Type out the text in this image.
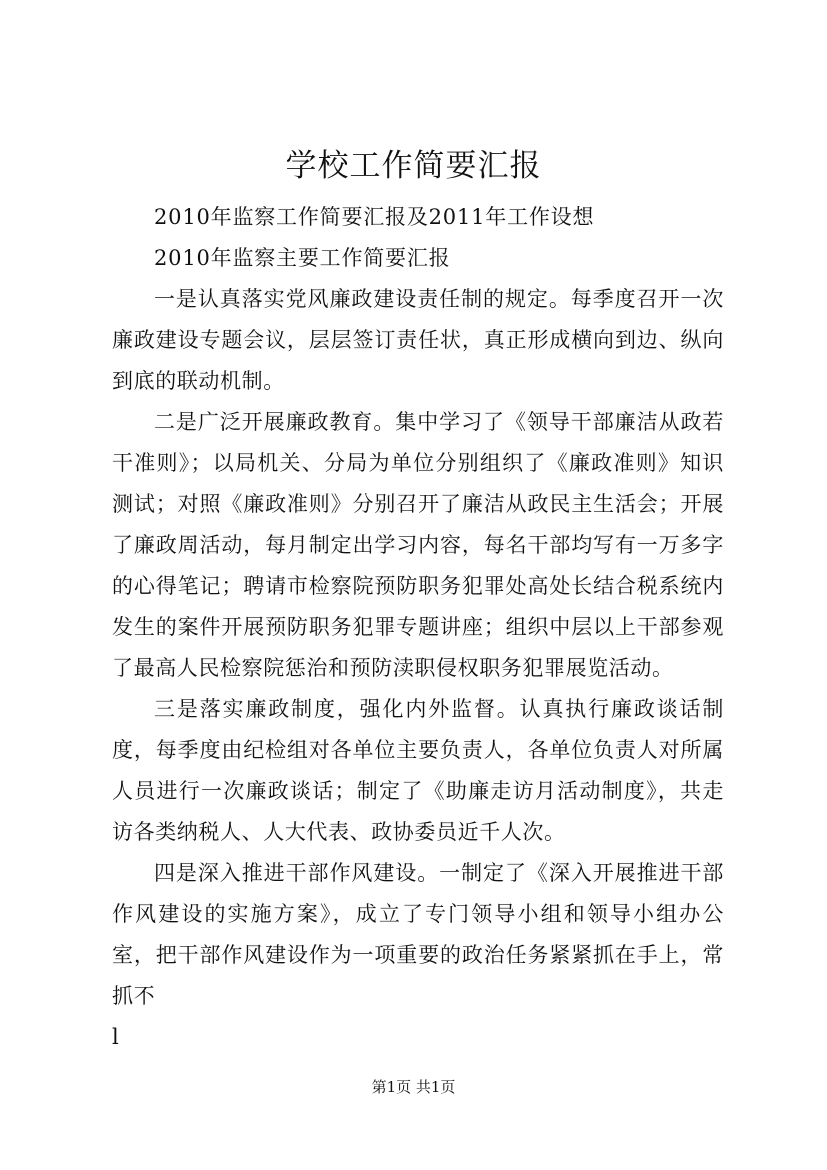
学校工作简要汇报

2010年监察工作简要汇报及2011年工作设想

2010年监察主要工作简要汇报

一是认真落实党风廉政建设责任制的规定。每季度召开一次廉政建设专题会议，层层签订责任状，真正形成横向到边、纵向到底的联动机制。

二是广泛开展廉政教育。集中学习了《领导干部廉洁从政若干准则》；以局机关、分局为单位分别组织了《廉政准则》知识测试；对照《廉政准则》分别召开了廉洁从政民主生活会；开展了廉政周活动，每月制定出学习内容，每名干部均写有一万多字的心得笔记；聘请市检察院预防职务犯罪处高处长结合税系统内发生的案件开展预防职务犯罪专题讲座；组织中层以上干部参观了最高人民检察院惩治和预防渎职侵权职务犯罪展览活动。

三是落实廉政制度，强化内外监督。认真执行廉政谈话制度，每季度由纪检组对各单位主要负责人，各单位负责人对所属人员进行一次廉政谈话；制定了《助廉走访月活动制度》，共走访各类纳税人、人大代表、政协委员近千人次。

四是深入推进干部作风建设。一制定了《深入开展推进干部作风建设的实施方案》，成立了专门领导小组和领导小组办公室，把干部作风建设作为一项重要的政治任务紧紧抓在手上，常抓不

l

第1页 共1页
